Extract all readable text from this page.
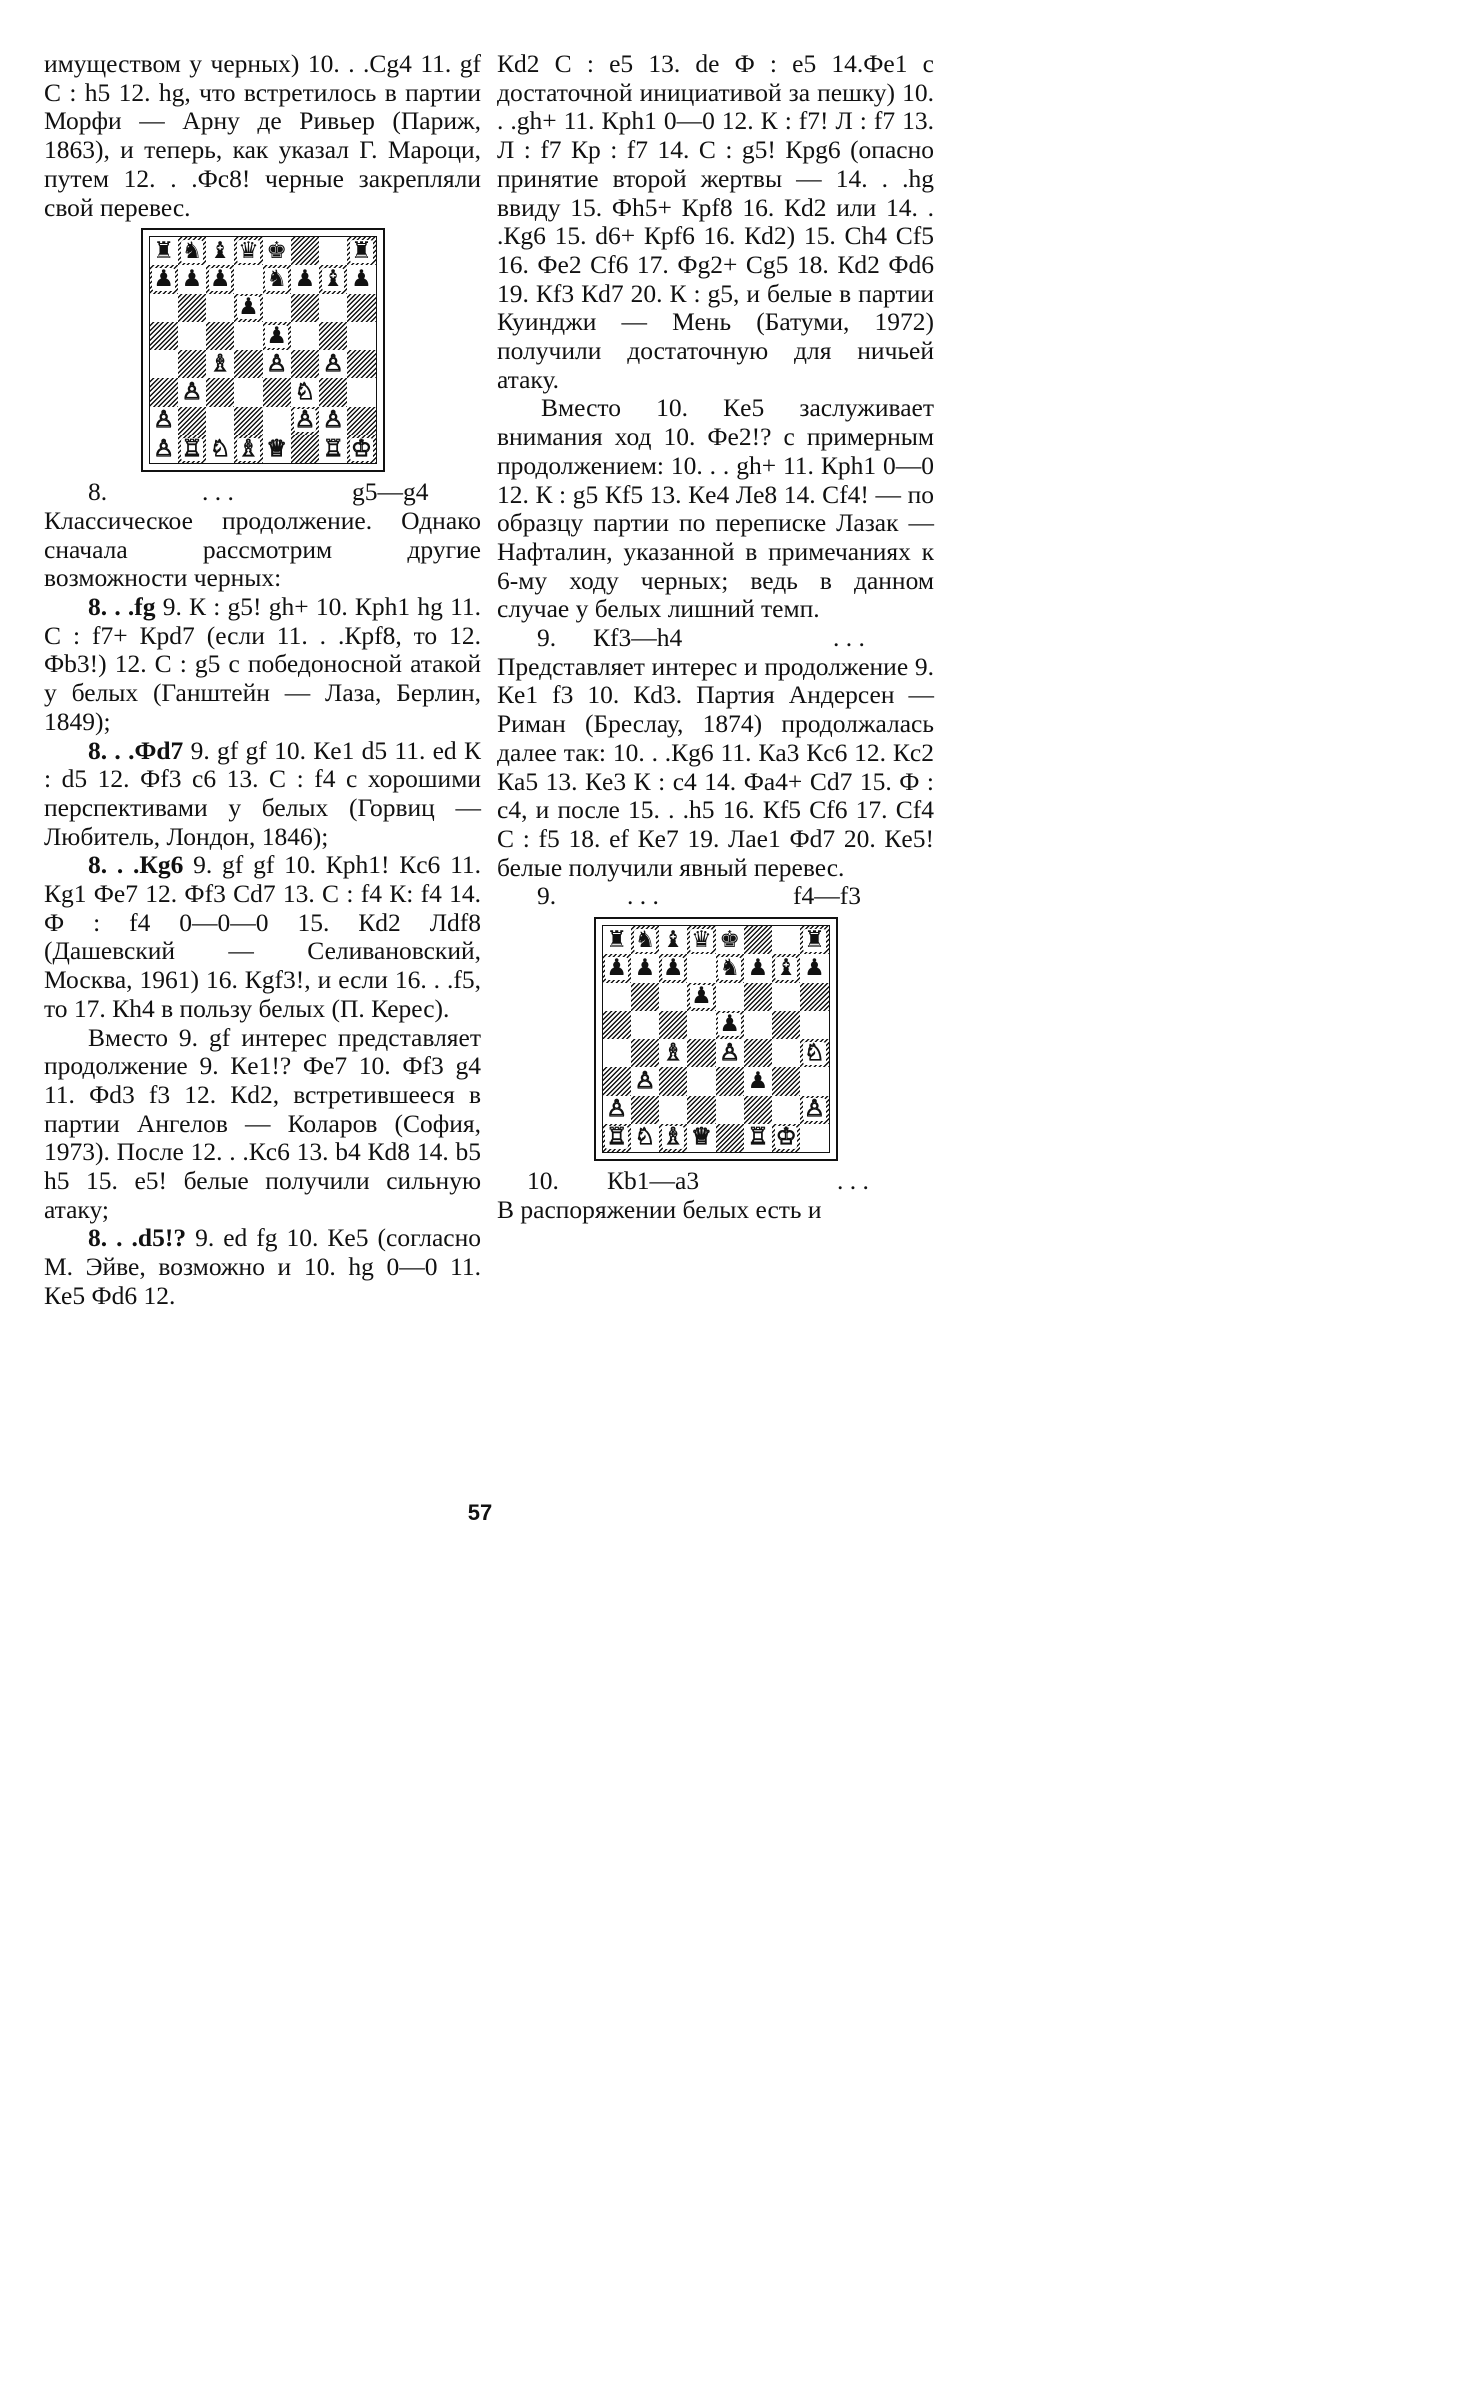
имуществом у черных) 10. . .Сg4 11. gf С : h5 12. hg, что встретилось в партии Морфи — Арну де Ривьер (Париж, 1863), и теперь, как указал Г. Мароци, путем 12. . .Фс8! черные закрепляли свой перевес.

♜ ♞ ♝ ♛ ♚	♜
♟ ♟ ♟ ♞ ♟ ♝ ♟
♟
♟
♗ ♙ ♙
♙	♘
♙	♙ ♙
♙ ♖ ♘ ♗ ♕ ♖ ♔
8.	. . .	g5—g4

Классическое продолжение. Однако сначала рассмотрим другие возможности черных:

8. . .fg 9. К : g5! gh+ 10. Крh1 hg 11. С : f7+ Крd7 (если 11. . .Крf8, то 12. Фb3!) 12. С : g5 с победоносной атакой у белых (Ганштейн — Лаза, Берлин, 1849);

8. . .Фd7 9. gf gf 10. Кe1 d5 11. ed К : d5 12. Фf3 c6 13. С : f4 с хорошими перспективами у белых (Горвиц — Любитель, Лондон, 1846);

8. . .Кg6 9. gf gf 10. Крh1! Кc6 11. Кg1 Фe7 12. Фf3 Сd7 13. С : f4 К: f4 14. Ф : f4 0—0—0 15. Кd2 Лdf8 (Дашевский — Селивановский, Москва, 1961) 16. Кgf3!, и если 16. . .f5, то 17. Кh4 в пользу белых (П. Керес).

Вместо 9. gf интерес представляет продолжение 9. Кe1!? Фe7 10. Фf3 g4 11. Фd3 f3 12. Кd2, встретившееся в партии Ангелов — Коларов (София, 1973). После 12. . .Кc6 13. b4 Кd8 14. b5 h5 15. e5! белые получили сильную атаку;

8. . .d5!? 9. ed fg 10. Кe5 (согласно М. Эйве, возможно и 10. hg 0—0 11. Кe5 Фd6 12.

Кd2 С : e5 13. de Ф : e5 14.Фe1 с достаточной инициативой за пешку) 10. . .gh+ 11. Крh1 0—0 12. К : f7! Л : f7 13. Л : f7 Кр : f7 14. С : g5! Крg6 (опасно принятие второй жертвы — 14. . .hg ввиду 15. Фh5+ Крf8 16. Кd2 или 14. . .Кg6 15. d6+ Крf6 16. Кd2) 15. Сh4 Сf5 16. Фe2 Сf6 17. Фg2+ Сg5 18. Кd2 Фd6 19. Кf3 Кd7 20. К : g5, и белые в партии Куинджи — Мень (Батуми, 1972) получили достаточную для ничьей атаку.

Вместо 10. Кe5 заслуживает внимания ход 10. Фe2!? с примерным продолжением: 10. . . gh+ 11. Крh1 0—0 12. К : g5 Кf5 13. Кe4 Лe8 14. Сf4! — по образцу партии по переписке Лазак — Нафталин, указанной в примечаниях к 6-му ходу черных; ведь в данном случае у белых лишний темп.

9. Кf3—h4	. . .

Представляет интерес и продолжение 9. Кe1 f3 10. Кd3. Партия Андерсен — Риман (Бреслау, 1874) продолжалась далее так: 10. . .Кg6 11. Кa3 Кc6 12. Кc2 Кa5 13. Кe3 К : c4 14. Фa4+ Сd7 15. Ф : c4, и после 15. . .h5 16. Кf5 Сf6 17. Сf4 С : f5 18. ef Кe7 19. Лae1 Фd7 20. Кe5! белые получили явный перевес.

9.	. . .	f4—f3
♜ ♞ ♝ ♛ ♚	♜
♟ ♟ ♟ ♞ ♟ ♝ ♟
♟
♟
♗ ♙	♘
♙	♟
♙	♙
♖ ♘ ♗ ♕ ♖ ♔
10. Кb1—a3	. . .

В распоряжении белых есть и

57
